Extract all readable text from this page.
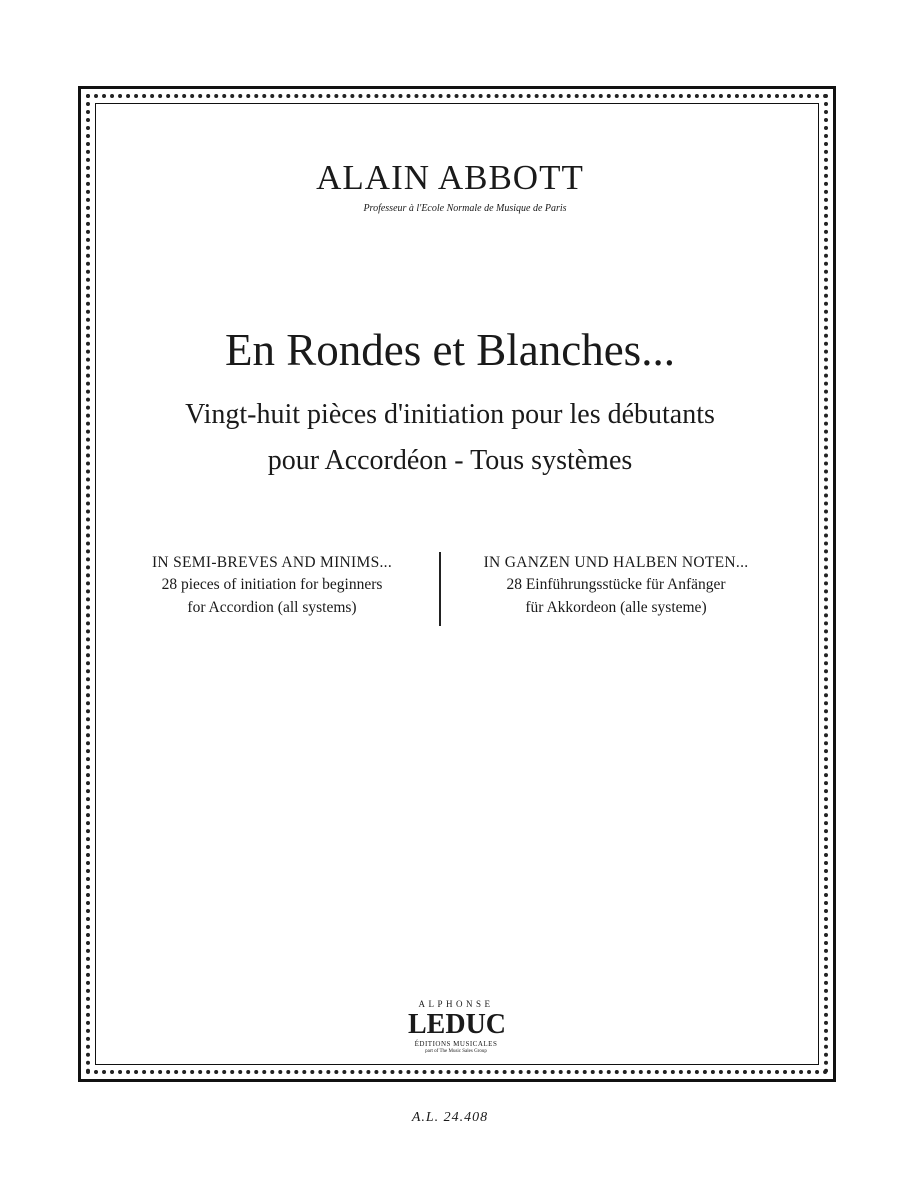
ALAIN ABBOTT
Professeur à l'Ecole Normale de Musique de Paris
En Rondes et Blanches...
Vingt-huit pièces d'initiation pour les débutants
pour Accordéon - Tous systèmes
IN SEMI-BREVES AND MINIMS...
28 pieces of initiation for beginners
for Accordion (all systems)
IN GANZEN UND HALBEN NOTEN...
28 Einführungsstücke für Anfänger
für Akkordeon (alle systeme)
ALPHONSE
LEDUC
ÉDITIONS MUSICALES
part of The Music Sales Group
A.L. 24.408
